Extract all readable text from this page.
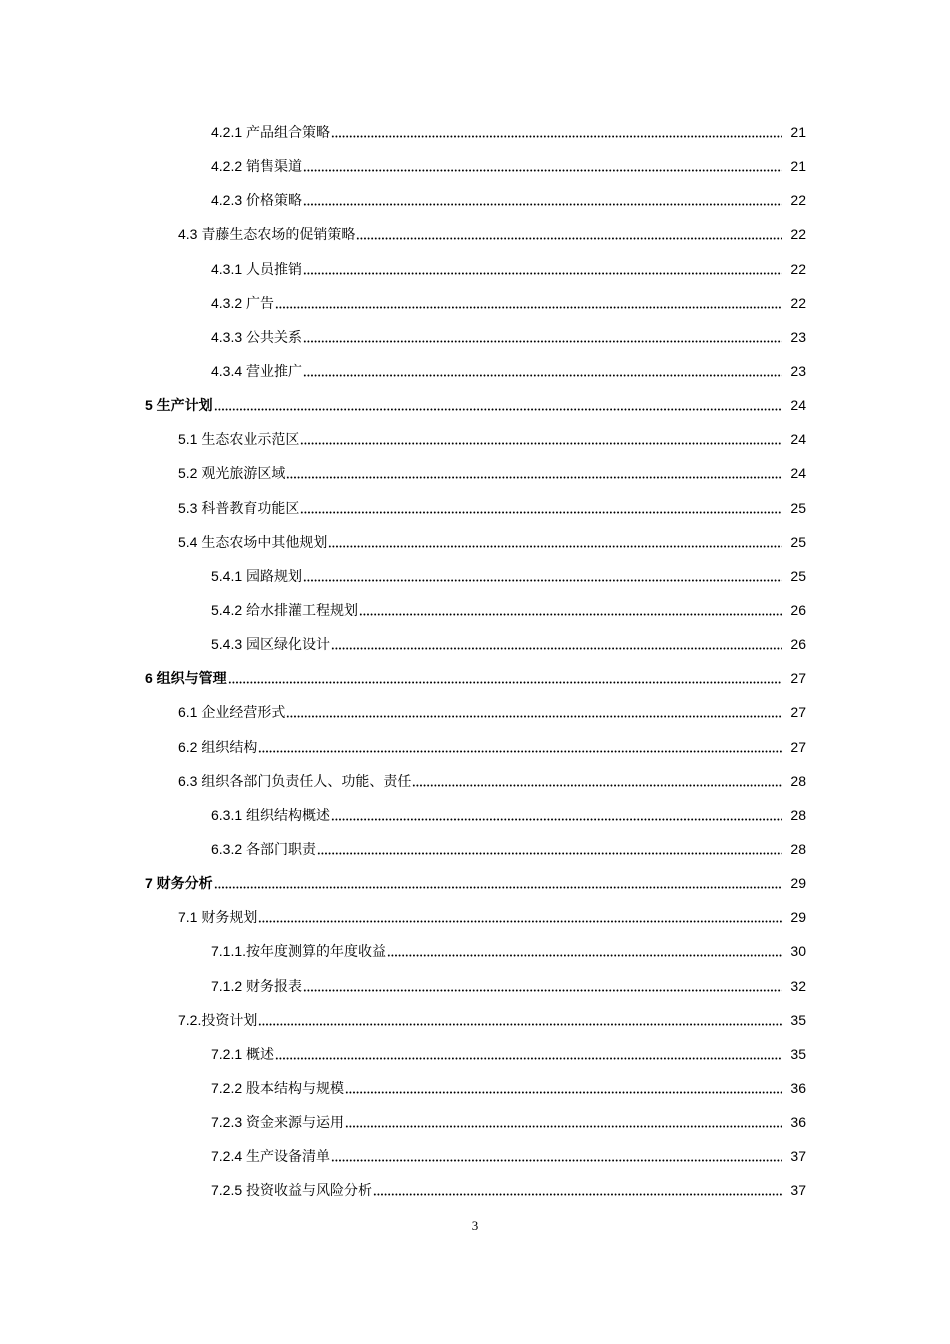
4.2.1 产品组合策略	21
4.2.2 销售渠道	21
4.2.3 价格策略	22
4.3 青藤生态农场的促销策略	22
4.3.1 人员推销	22
4.3.2 广告	22
4.3.3 公共关系	23
4.3.4 营业推广	23
5 生产计划	24
5.1 生态农业示范区	24
5.2 观光旅游区域	24
5.3 科普教育功能区	25
5.4 生态农场中其他规划	25
5.4.1 园路规划	25
5.4.2 给水排灌工程规划	26
5.4.3 园区绿化设计	26
6 组织与管理	27
6.1 企业经营形式	27
6.2 组织结构	27
6.3 组织各部门负责任人、功能、责任	28
6.3.1 组织结构概述	28
6.3.2 各部门职责	28
7 财务分析	29
7.1 财务规划	29
7.1.1.按年度测算的年度收益	30
7.1.2 财务报表	32
7.2.投资计划	35
7.2.1 概述	35
7.2.2 股本结构与规模	36
7.2.3 资金来源与运用	36
7.2.4 生产设备清单	37
7.2.5 投资收益与风险分析	37
3
